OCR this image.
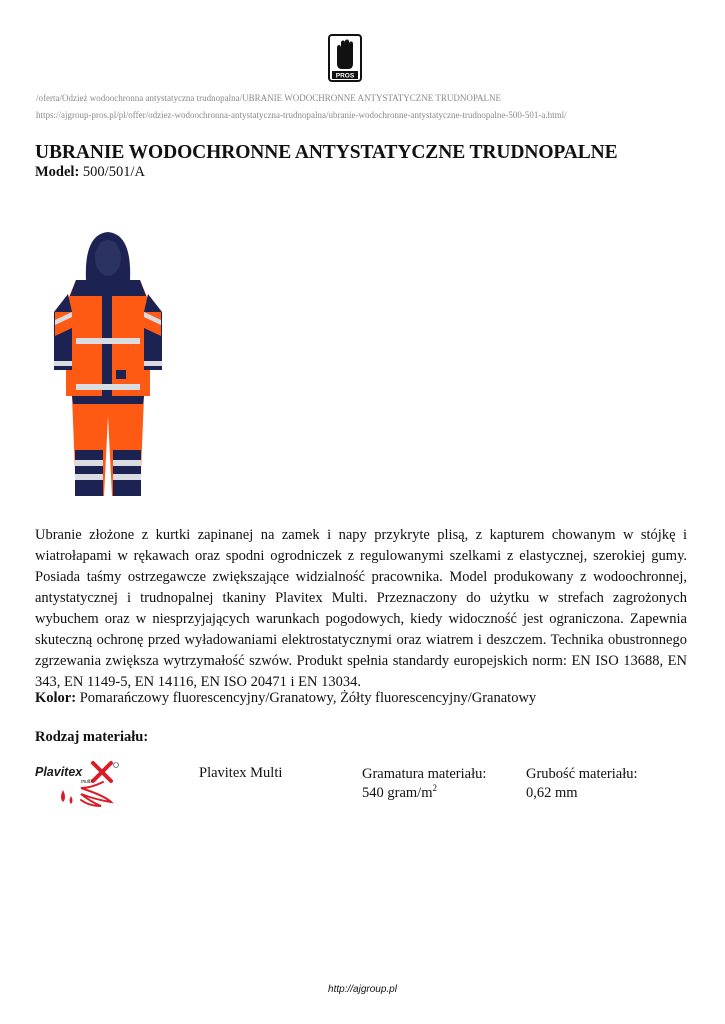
PROS
/oferta/Odzież wodoochronna antystatyczna trudnopalna/UBRANIE WODOCHRONNE ANTYSTATYCZNE TRUDNOPALNE
https://ajgroup-pros.pl/pl/offer/odziez-wodoochronna-antystatyczna-trudnopalna/ubranie-wodochronne-antystatyczne-trudnopalne-500-501-a.html/
UBRANIE WODOCHRONNE ANTYSTATYCZNE TRUDNOPALNE
Model: 500/501/A

Ubranie złożone z kurtki zapinanej na zamek i napy przykryte plisą, z kapturem chowanym w stójkę i wiatrołapami w rękawach oraz spodni ogrodniczek z regulowanymi szelkami z elastycznej, szerokiej gumy. Posiada taśmy ostrzegawcze zwiększające widzialność pracownika. Model produkowany z wodoochronnej, antystatycznej i trudnopalnej tkaniny Plavitex Multi. Przeznaczony do użytku w strefach zagrożonych wybuchem oraz w niesprzyjających warunkach pogodowych, kiedy widoczność jest ograniczona. Zapewnia skuteczną ochronę przed wyładowaniami elektrostatycznymi oraz wiatrem i deszczem. Technika obustronnego zgrzewania zwiększa wytrzymałość szwów. Produkt spełnia standardy europejskich norm: EN ISO 13688, EN 343, EN 1149-5, EN 14116, EN ISO 20471 i EN 13034.

Kolor: Pomarańczowy fluorescencyjny/Granatowy, Żółty fluorescencyjny/Granatowy
Rodzaj materiału:
Plavitex
multi
Plavitex Multi	Gramatura materiału:
540 gram/$m^2$
Grubość materiału:
0,62 mm
http://ajgroup.pl
